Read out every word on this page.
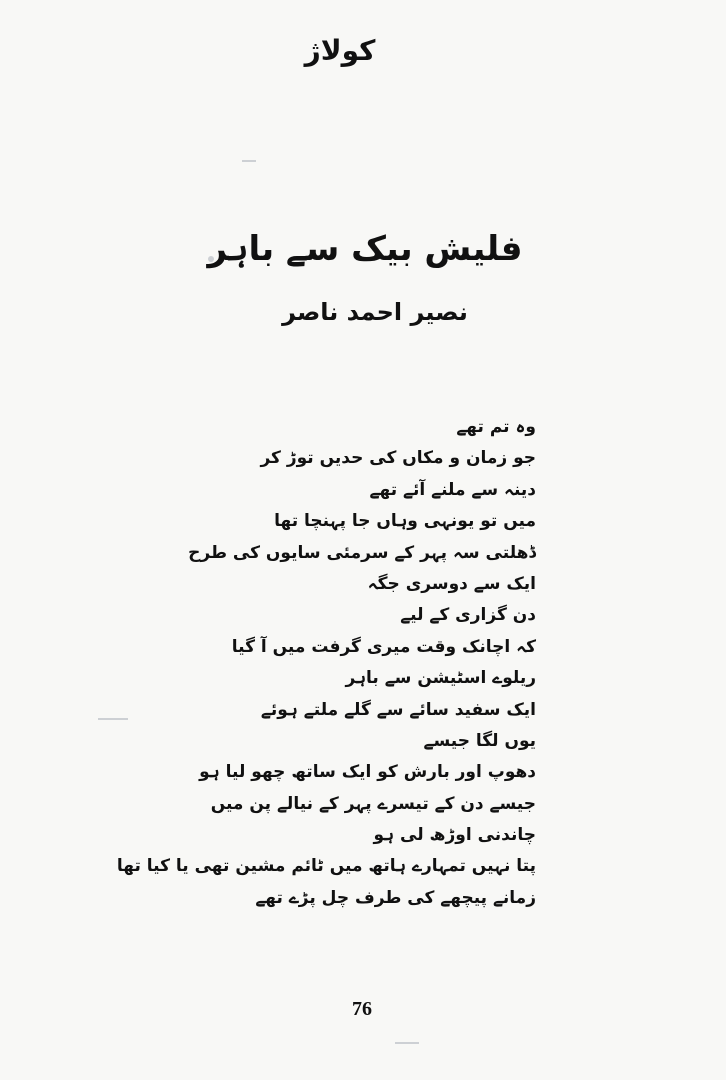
کولاژ
فلیش بیک سے باہر
نصیر احمد ناصر
وہ تم تھے
جو زمان و مکاں کی حدیں توڑ کر
دینہ سے ملنے آئے تھے
میں تو یونہی وہاں جا پہنچا تھا
ڈھلتی سہ پہر کے سرمئی سایوں کی طرح
ایک سے دوسری جگہ
دن گزاری کے لیے
کہ اچانک وقت میری گرفت میں آ گیا
ریلوے اسٹیشن سے باہر
ایک سفید سائے سے گلے ملتے ہوئے
یوں لگا جیسے
دھوپ اور بارش کو ایک ساتھ چھو لیا ہو
جیسے دن کے تیسرے پہر کے نیالے پن میں
چاندنی اوڑھ لی ہو
پتا نہیں تمہارے ہاتھ میں ٹائم مشین تھی یا کیا تھا
زمانے پیچھے کی طرف چل پڑے تھے
76
